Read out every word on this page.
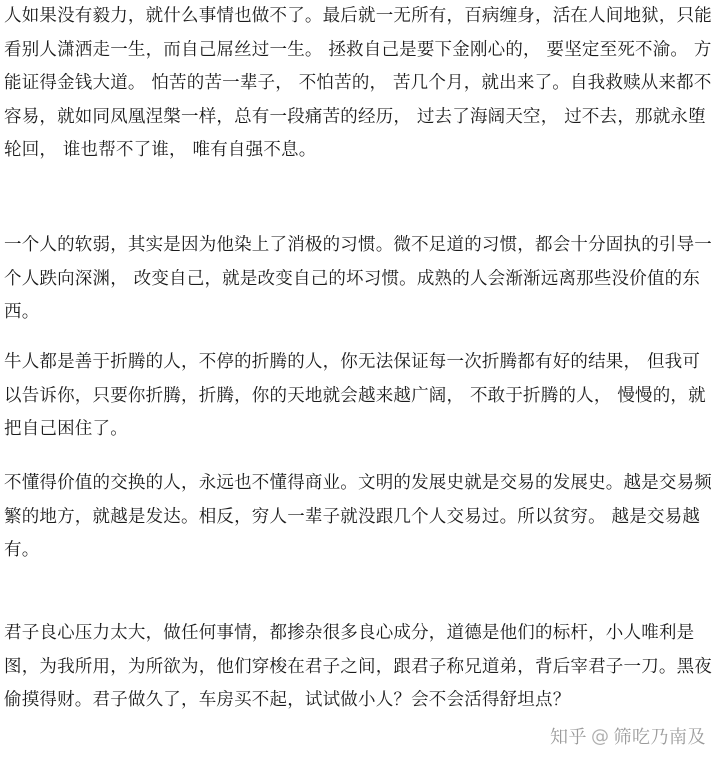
人如果没有毅力，就什么事情也做不了。最后就一无所有，百病缠身，活在人间地狱，只能看别人潇洒走一生，而自己屌丝过一生。 拯救自己是要下金刚心的， 要坚定至死不渝。 方能证得金钱大道。 怕苦的苦一辈子， 不怕苦的， 苦几个月，就出来了。自我救赎从来都不容易，就如同凤凰涅槃一样，总有一段痛苦的经历， 过去了海阔天空， 过不去，那就永堕轮回， 谁也帮不了谁， 唯有自强不息。

一个人的软弱，其实是因为他染上了消极的习惯。微不足道的习惯，都会十分固执的引导一个人跌向深渊， 改变自己，就是改变自己的坏习惯。成熟的人会渐渐远离那些没价值的东西。

牛人都是善于折腾的人，不停的折腾的人，你无法保证每一次折腾都有好的结果， 但我可以告诉你，只要你折腾，折腾，你的天地就会越来越广阔， 不敢于折腾的人， 慢慢的，就把自己困住了。

不懂得价值的交换的人，永远也不懂得商业。文明的发展史就是交易的发展史。越是交易频繁的地方，就越是发达。相反，穷人一辈子就没跟几个人交易过。所以贫穷。 越是交易越有。

君子良心压力太大，做任何事情，都掺杂很多良心成分，道德是他们的标杆，小人唯利是图，为我所用，为所欲为，他们穿梭在君子之间，跟君子称兄道弟，背后宰君子一刀。黑夜偷摸得财。君子做久了，车房买不起，试试做小人？会不会活得舒坦点？

知乎 @ 筛吃乃南及
